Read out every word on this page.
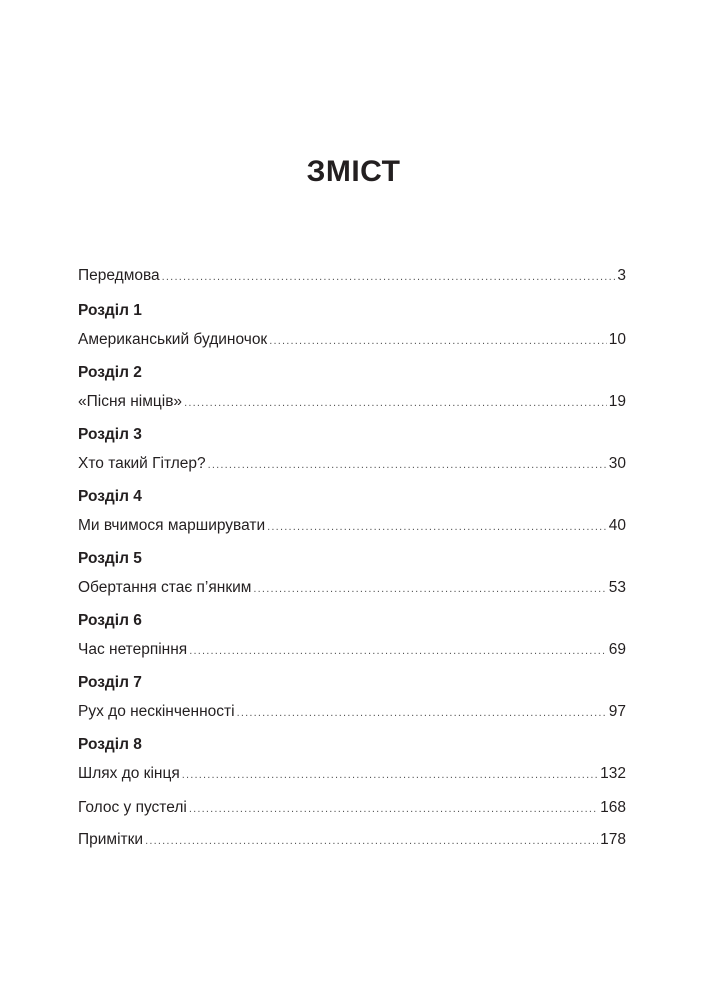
ЗМІСТ
Передмова .....	3
Розділ 1
Американський будиночок .....	10
Розділ 2
«Пісня німців» .....	19
Розділ 3
Хто такий Гітлер? .....	30
Розділ 4
Ми вчимося марширувати .....	40
Розділ 5
Обертання стає п’янким .....	53
Розділ 6
Час нетерпіння .....	69
Розділ 7
Рух до нескінченності .....	97
Розділ 8
Шлях до кінця .....	132
Голос у пустелі .....	168
Примітки .....	178
